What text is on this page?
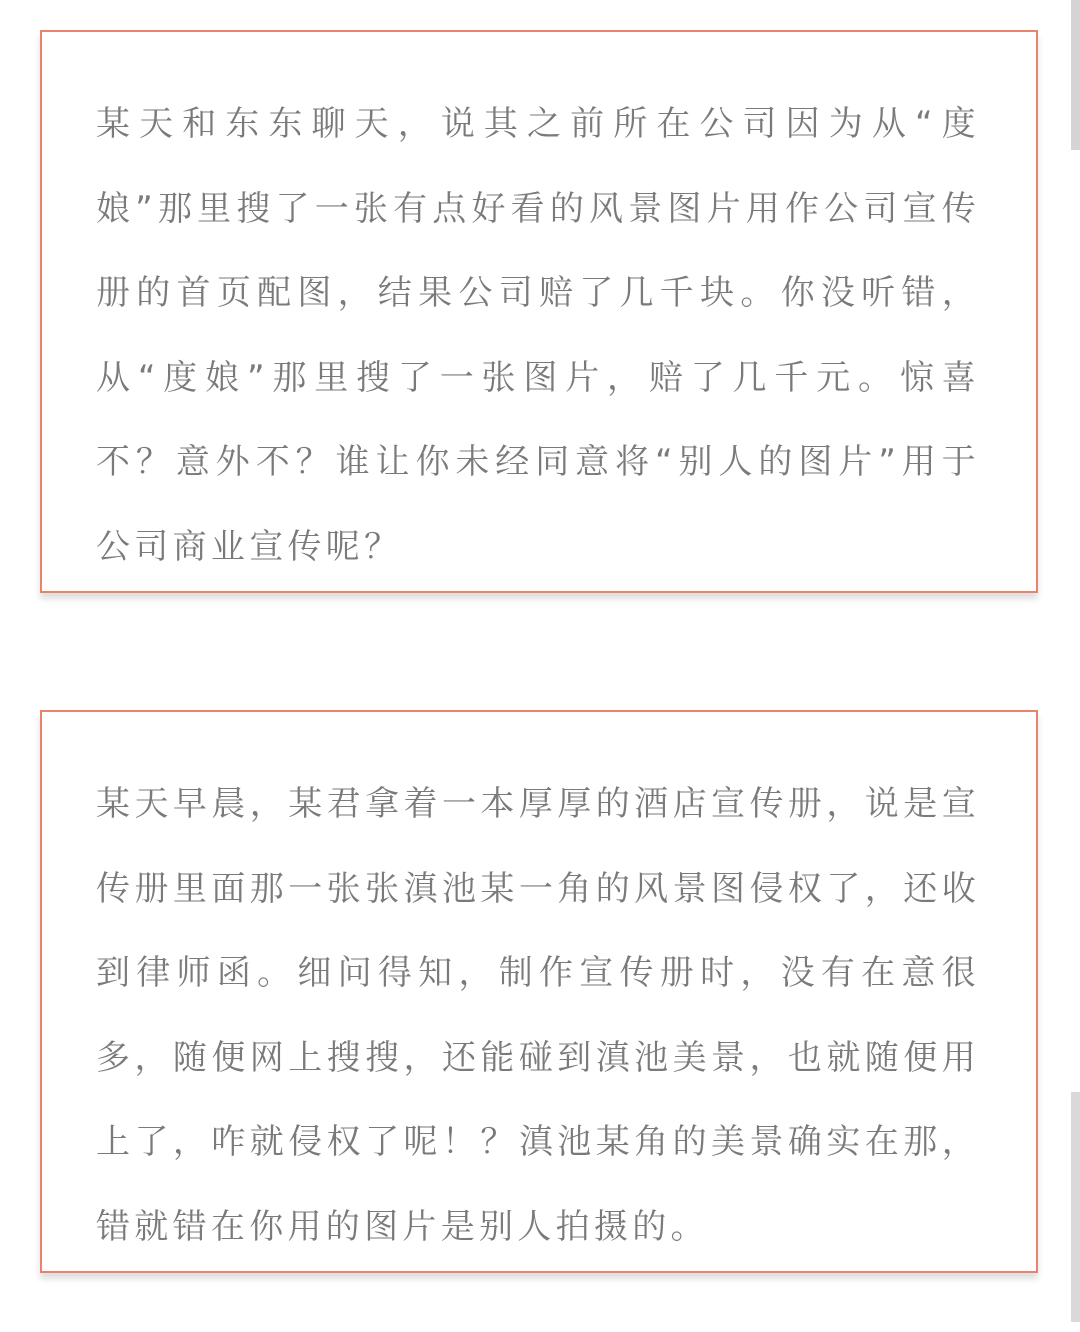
某天和东东聊天，说其之前所在公司因为从“度娘”那里搜了一张有点好看的风景图片用作公司宣传册的首页配图，结果公司赔了几千块。你没听错，从“度娘”那里搜了一张图片，赔了几千元。惊喜不？意外不？谁让你未经同意将“别人的图片”用于公司商业宣传呢？

某天早晨，某君拿着一本厚厚的酒店宣传册，说是宣传册里面那一张张滇池某一角的风景图侵权了，还收到律师函。细问得知，制作宣传册时，没有在意很多，随便网上搜搜，还能碰到滇池美景，也就随便用上了，咋就侵权了呢！？滇池某角的美景确实在那，错就错在你用的图片是别人拍摄的。
